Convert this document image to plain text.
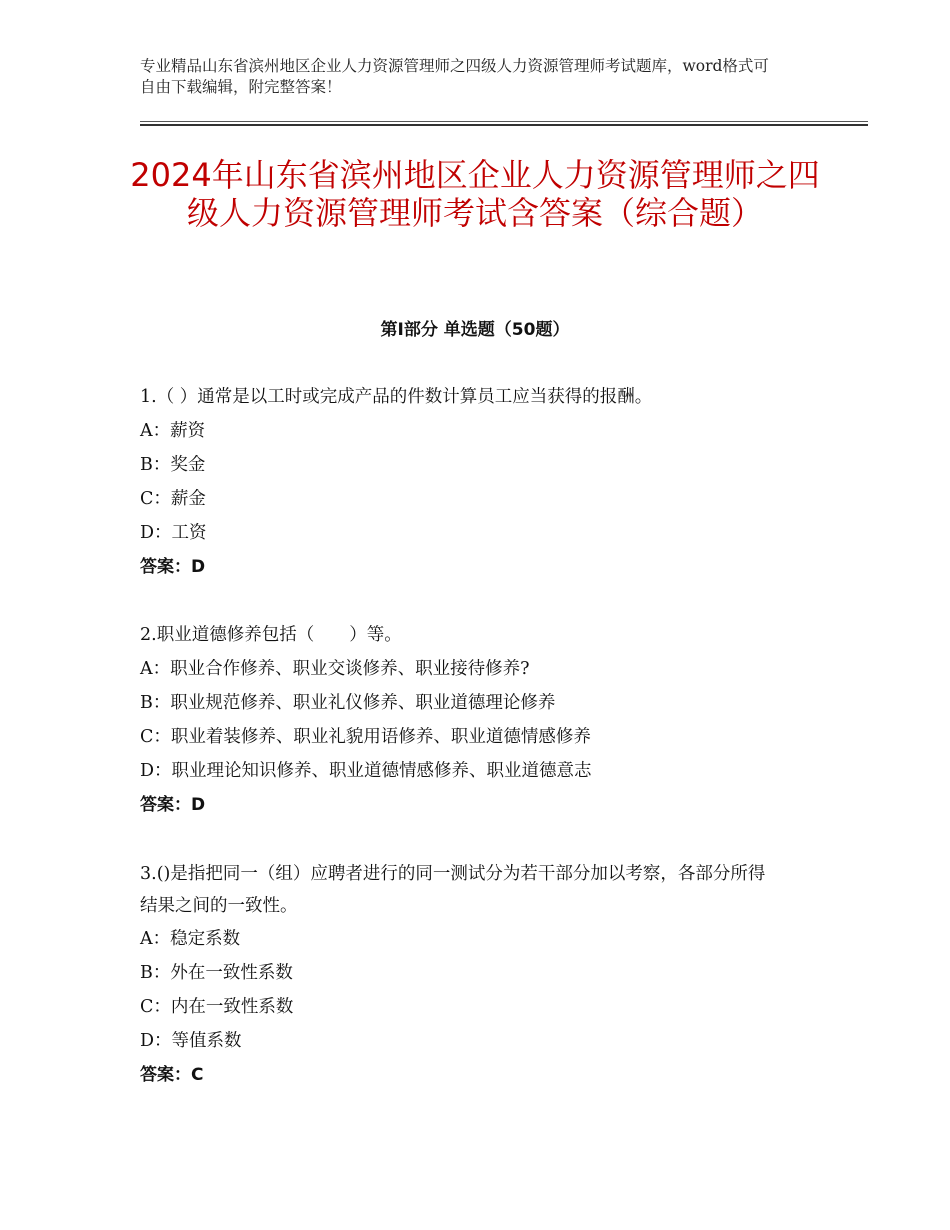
专业精品山东省滨州地区企业人力资源管理师之四级人力资源管理师考试题库，word格式可自由下载编辑，附完整答案！
2024年山东省滨州地区企业人力资源管理师之四级人力资源管理师考试含答案（综合题）
第Ⅰ部分 单选题（50题）
1.（ ）通常是以工时或完成产品的件数计算员工应当获得的报酬。
A：薪资
B：奖金
C：薪金
D：工资
答案：D
2.职业道德修养包括（　　）等。
A：职业合作修养、职业交谈修养、职业接待修养?
B：职业规范修养、职业礼仪修养、职业道德理论修养
C：职业着装修养、职业礼貌用语修养、职业道德情感修养
D：职业理论知识修养、职业道德情感修养、职业道德意志
答案：D
3.()是指把同一（组）应聘者进行的同一测试分为若干部分加以考察，各部分所得结果之间的一致性。
A：稳定系数
B：外在一致性系数
C：内在一致性系数
D：等值系数
答案：C
